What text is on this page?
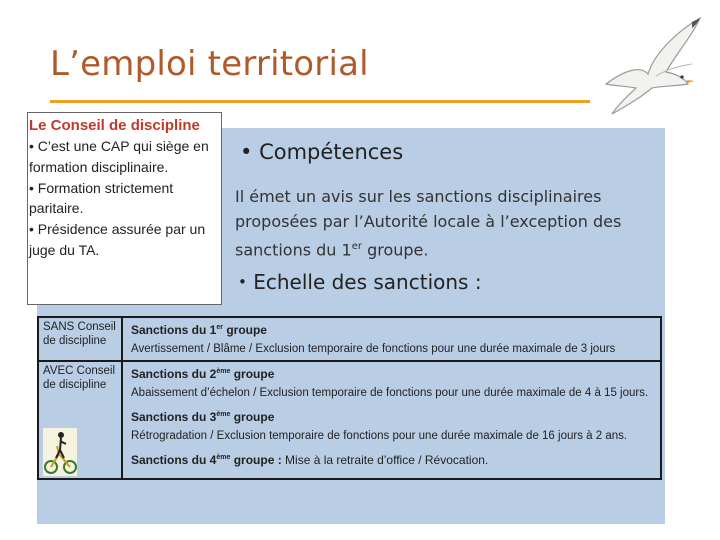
L’emploi territorial
Le Conseil de discipline
• C’est une CAP qui siège en formation disciplinaire.
• Formation strictement paritaire.
• Présidence assurée par un juge du TA.
• Compétences
Il émet un avis sur les sanctions disciplinaires proposées par l’Autorité locale à l’exception des sanctions du 1er groupe.
• Echelle des sanctions :
SANS Conseil de discipline	Sanctions du 1er groupe
Avertissement / Blâme / Exclusion temporaire de fonctions pour une durée maximale de 3 jours

AVEC Conseil de discipline	Sanctions du 2ème groupe
Abaissement d’échelon / Exclusion temporaire de fonctions pour une durée maximale de 4 à 15 jours.
Sanctions du 3ème groupe
Rétrogradation / Exclusion temporaire de fonctions pour une durée maximale de 16 jours à 2 ans.
Sanctions du 4ème groupe : Mise à la retraite d’office / Révocation.
